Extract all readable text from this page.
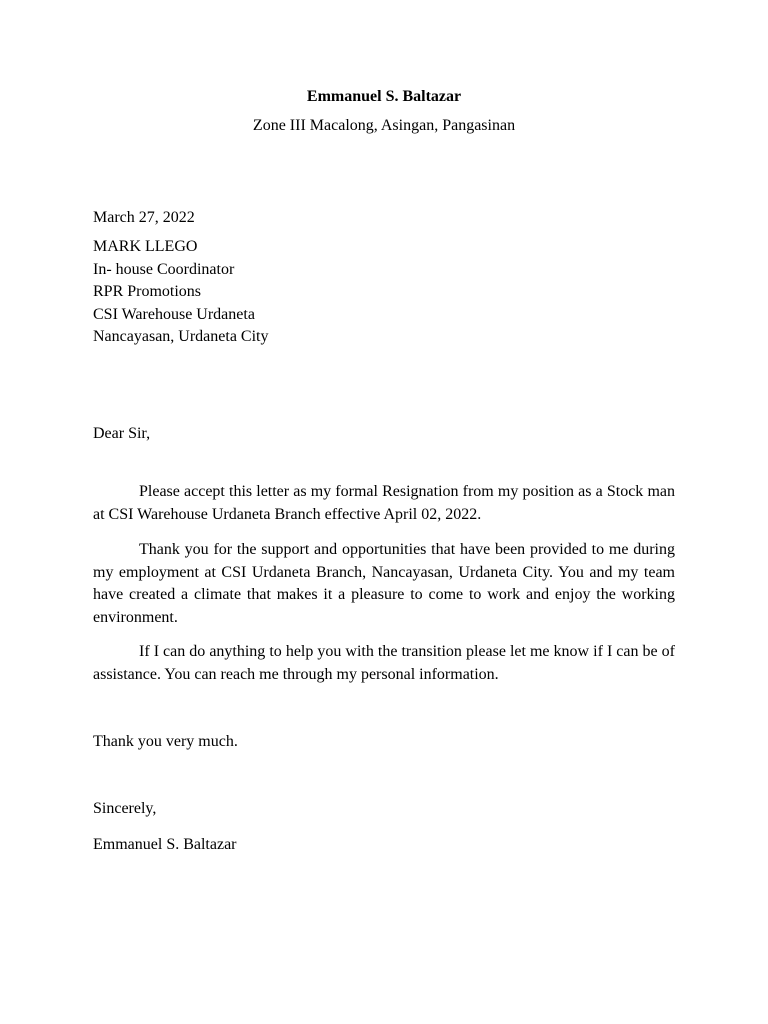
Emmanuel S. Baltazar
Zone III Macalong, Asingan, Pangasinan
March 27, 2022
MARK LLEGO
In- house Coordinator
RPR Promotions
CSI Warehouse Urdaneta
Nancayasan, Urdaneta City
Dear Sir,
Please accept this letter as my formal Resignation from my position as a Stock man at CSI Warehouse Urdaneta Branch effective April 02, 2022.
Thank you for the support and opportunities that have been provided to me during my employment at CSI Urdaneta Branch, Nancayasan, Urdaneta City. You and my team have created a climate that makes it a pleasure to come to work and enjoy the working environment.
If I can do anything to help you with the transition please let me know if I can be of assistance. You can reach me through my personal information.
Thank you very much.
Sincerely,
Emmanuel S. Baltazar
